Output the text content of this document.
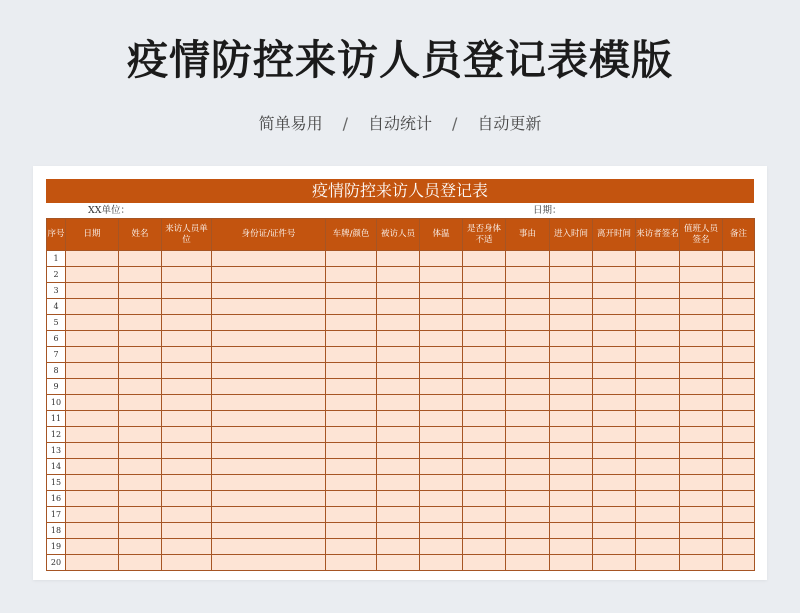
疫情防控来访人员登记表模版
简单易用 / 自动统计 / 自动更新
疫情防控来访人员登记表
XX单位：	日期：
序号	日期	姓名	来访人员单位	身份证/证件号	车牌/颜色	被访人员	体温	是否身体不适	事由	进入时间	离开时间	来访者签名	值班人员签名	备注
1														
2														
3														
4														
5														
6														
7														
8														
9														
10														
11														
12														
13														
14														
15														
16														
17														
18														
19														
20														
